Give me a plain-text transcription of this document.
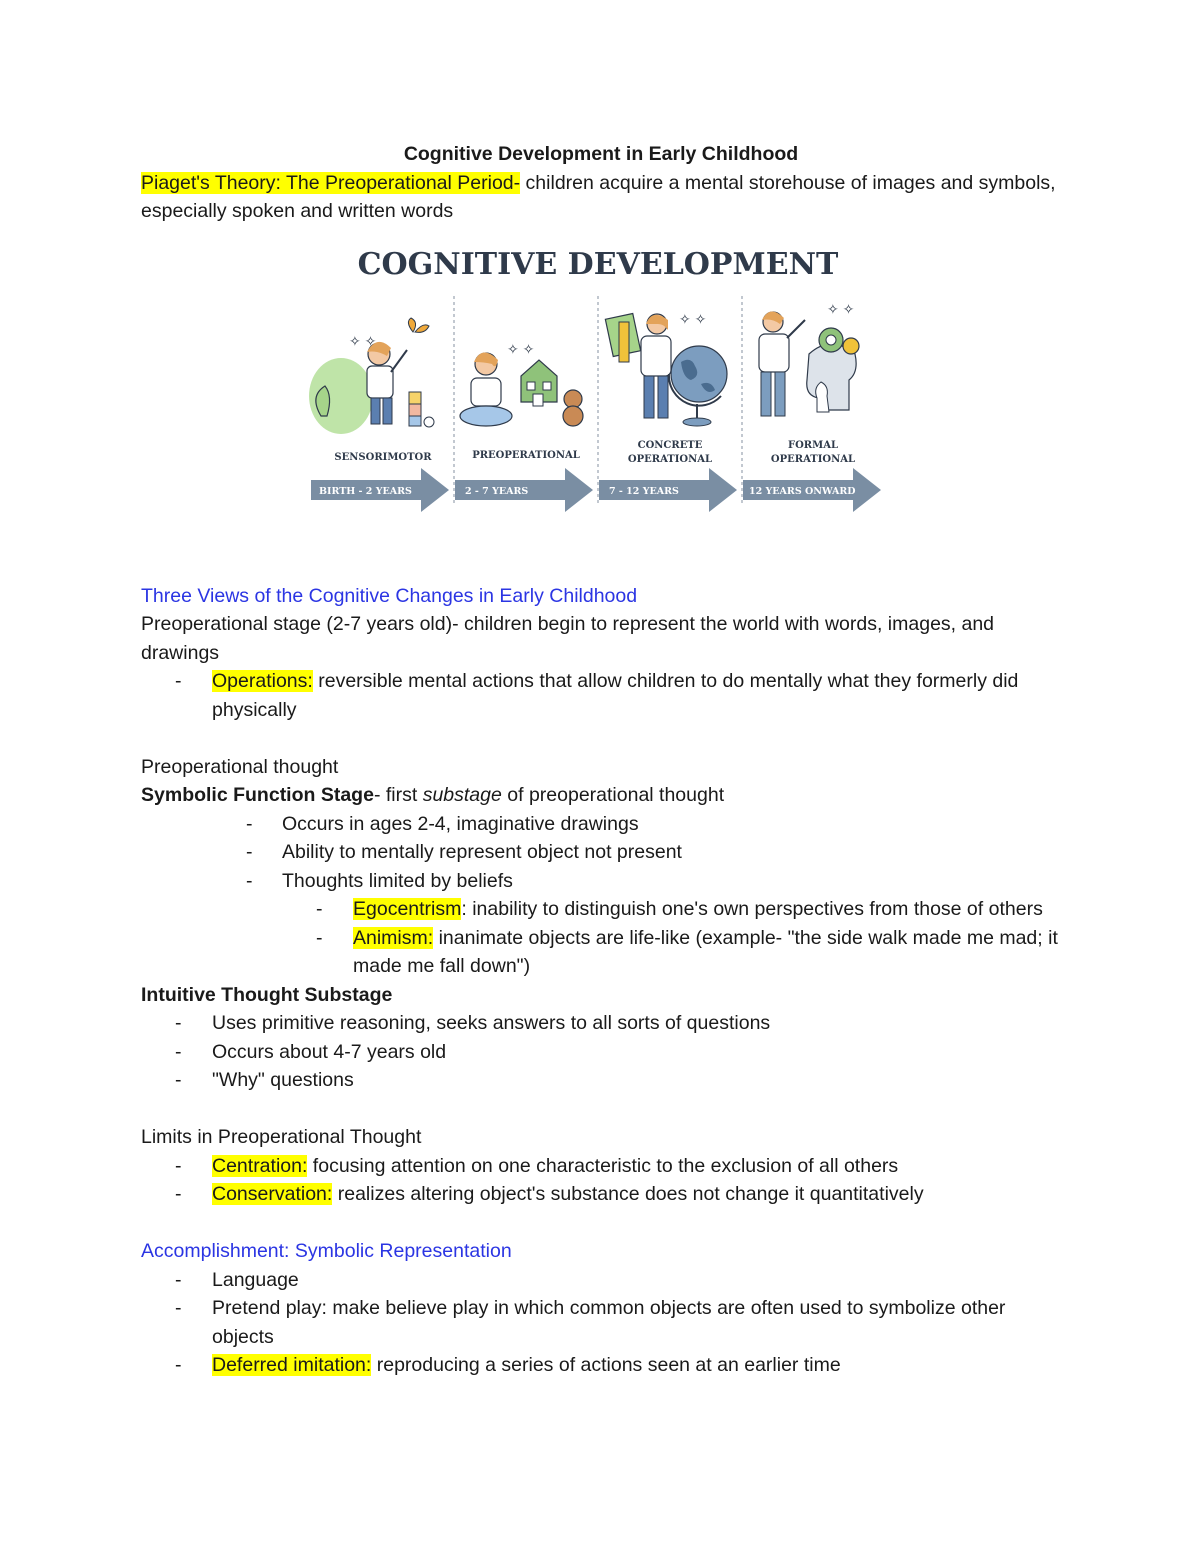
Cognitive Development in Early Childhood

Piaget's Theory: The Preoperational Period- children acquire a mental storehouse of images and symbols, especially spoken and written words

COGNITIVE DEVELOPMENT
✧ ✧
SENSORIMOTOR
✧ ✧
PREOPERATIONAL
✧ ✧
CONCRETE
OPERATIONAL
✧ ✧
FORMAL
OPERATIONAL
BIRTH - 2 YEARS	2 - 7 YEARS	7 - 12 YEARS	12 YEARS ONWARD

Three Views of the Cognitive Changes in Early Childhood

Preoperational stage (2-7 years old)- children begin to represent the world with words, images, and drawings

- Operations: reversible mental actions that allow children to do mentally what they formerly did physically

Preoperational thought

Symbolic Function Stage- first substage of preoperational thought

- Occurs in ages 2-4, imaginative drawings
- Ability to mentally represent object not present
- Thoughts limited by beliefs
- Egocentrism: inability to distinguish one's own perspectives from those of others
- Animism: inanimate objects are life-like (example- "the side walk made me mad; it made me fall down")

Intuitive Thought Substage

- Uses primitive reasoning, seeks answers to all sorts of questions
- Occurs about 4-7 years old
- "Why" questions

Limits in Preoperational Thought

- Centration: focusing attention on one characteristic to the exclusion of all others
- Conservation: realizes altering object's substance does not change it quantitatively

Accomplishment: Symbolic Representation

- Language
- Pretend play: make believe play in which common objects are often used to symbolize other objects
- Deferred imitation: reproducing a series of actions seen at an earlier time
